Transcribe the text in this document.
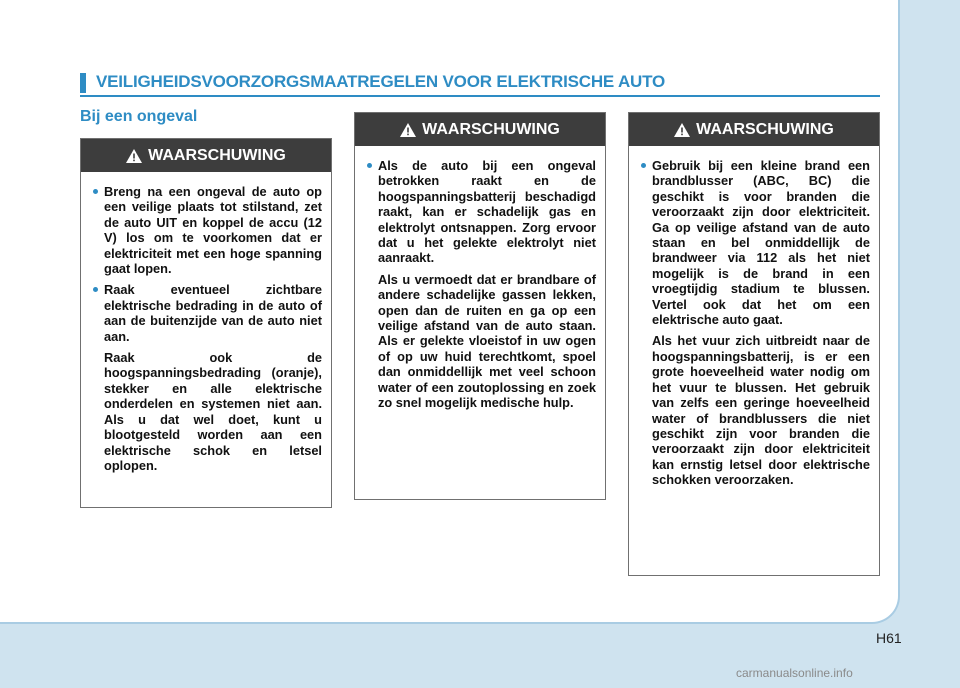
VEILIGHEIDSVOORZORGSMAATREGELEN VOOR ELEKTRISCHE AUTO
Bij een ongeval
WAARSCHUWING

Breng na een ongeval de auto op een veilige plaats tot stilstand, zet de auto UIT en koppel de accu (12 V) los om te voorkomen dat er elektriciteit met een hoge spanning gaat lopen.

Raak eventueel zichtbare elektrische bedrading in de auto of aan de buitenzijde van de auto niet aan.

Raak ook de hoogspanningsbedrading (oranje), stekker en alle elektrische onderdelen en systemen niet aan. Als u dat wel doet, kunt u blootgesteld worden aan een elektrische schok en letsel oplopen.

WAARSCHUWING

Als de auto bij een ongeval betrokken raakt en de hoogspanningsbatterij beschadigd raakt, kan er schadelijk gas en elektrolyt ontsnappen. Zorg ervoor dat u het gelekte elektrolyt niet aanraakt.

Als u vermoedt dat er brandbare of andere schadelijke gassen lekken, open dan de ruiten en ga op een veilige afstand van de auto staan. Als er gelekte vloeistof in uw ogen of op uw huid terechtkomt, spoel dan onmiddellijk met veel schoon water of een zoutoplossing en zoek zo snel mogelijk medische hulp.

WAARSCHUWING

Gebruik bij een kleine brand een brandblusser (ABC, BC) die geschikt is voor branden die veroorzaakt zijn door elektriciteit. Ga op veilige afstand van de auto staan en bel onmiddellijk de brandweer via 112 als het niet mogelijk is de brand in een vroegtijdig stadium te blussen. Vertel ook dat het om een elektrische auto gaat.

Als het vuur zich uitbreidt naar de hoogspanningsbatterij, is er een grote hoeveelheid water nodig om het vuur te blussen. Het gebruik van zelfs een geringe hoeveelheid water of brandblussers die niet geschikt zijn voor branden die veroorzaakt zijn door elektriciteit kan ernstig letsel door elektrische schokken veroorzaken.

H61
carmanualsonline.info
